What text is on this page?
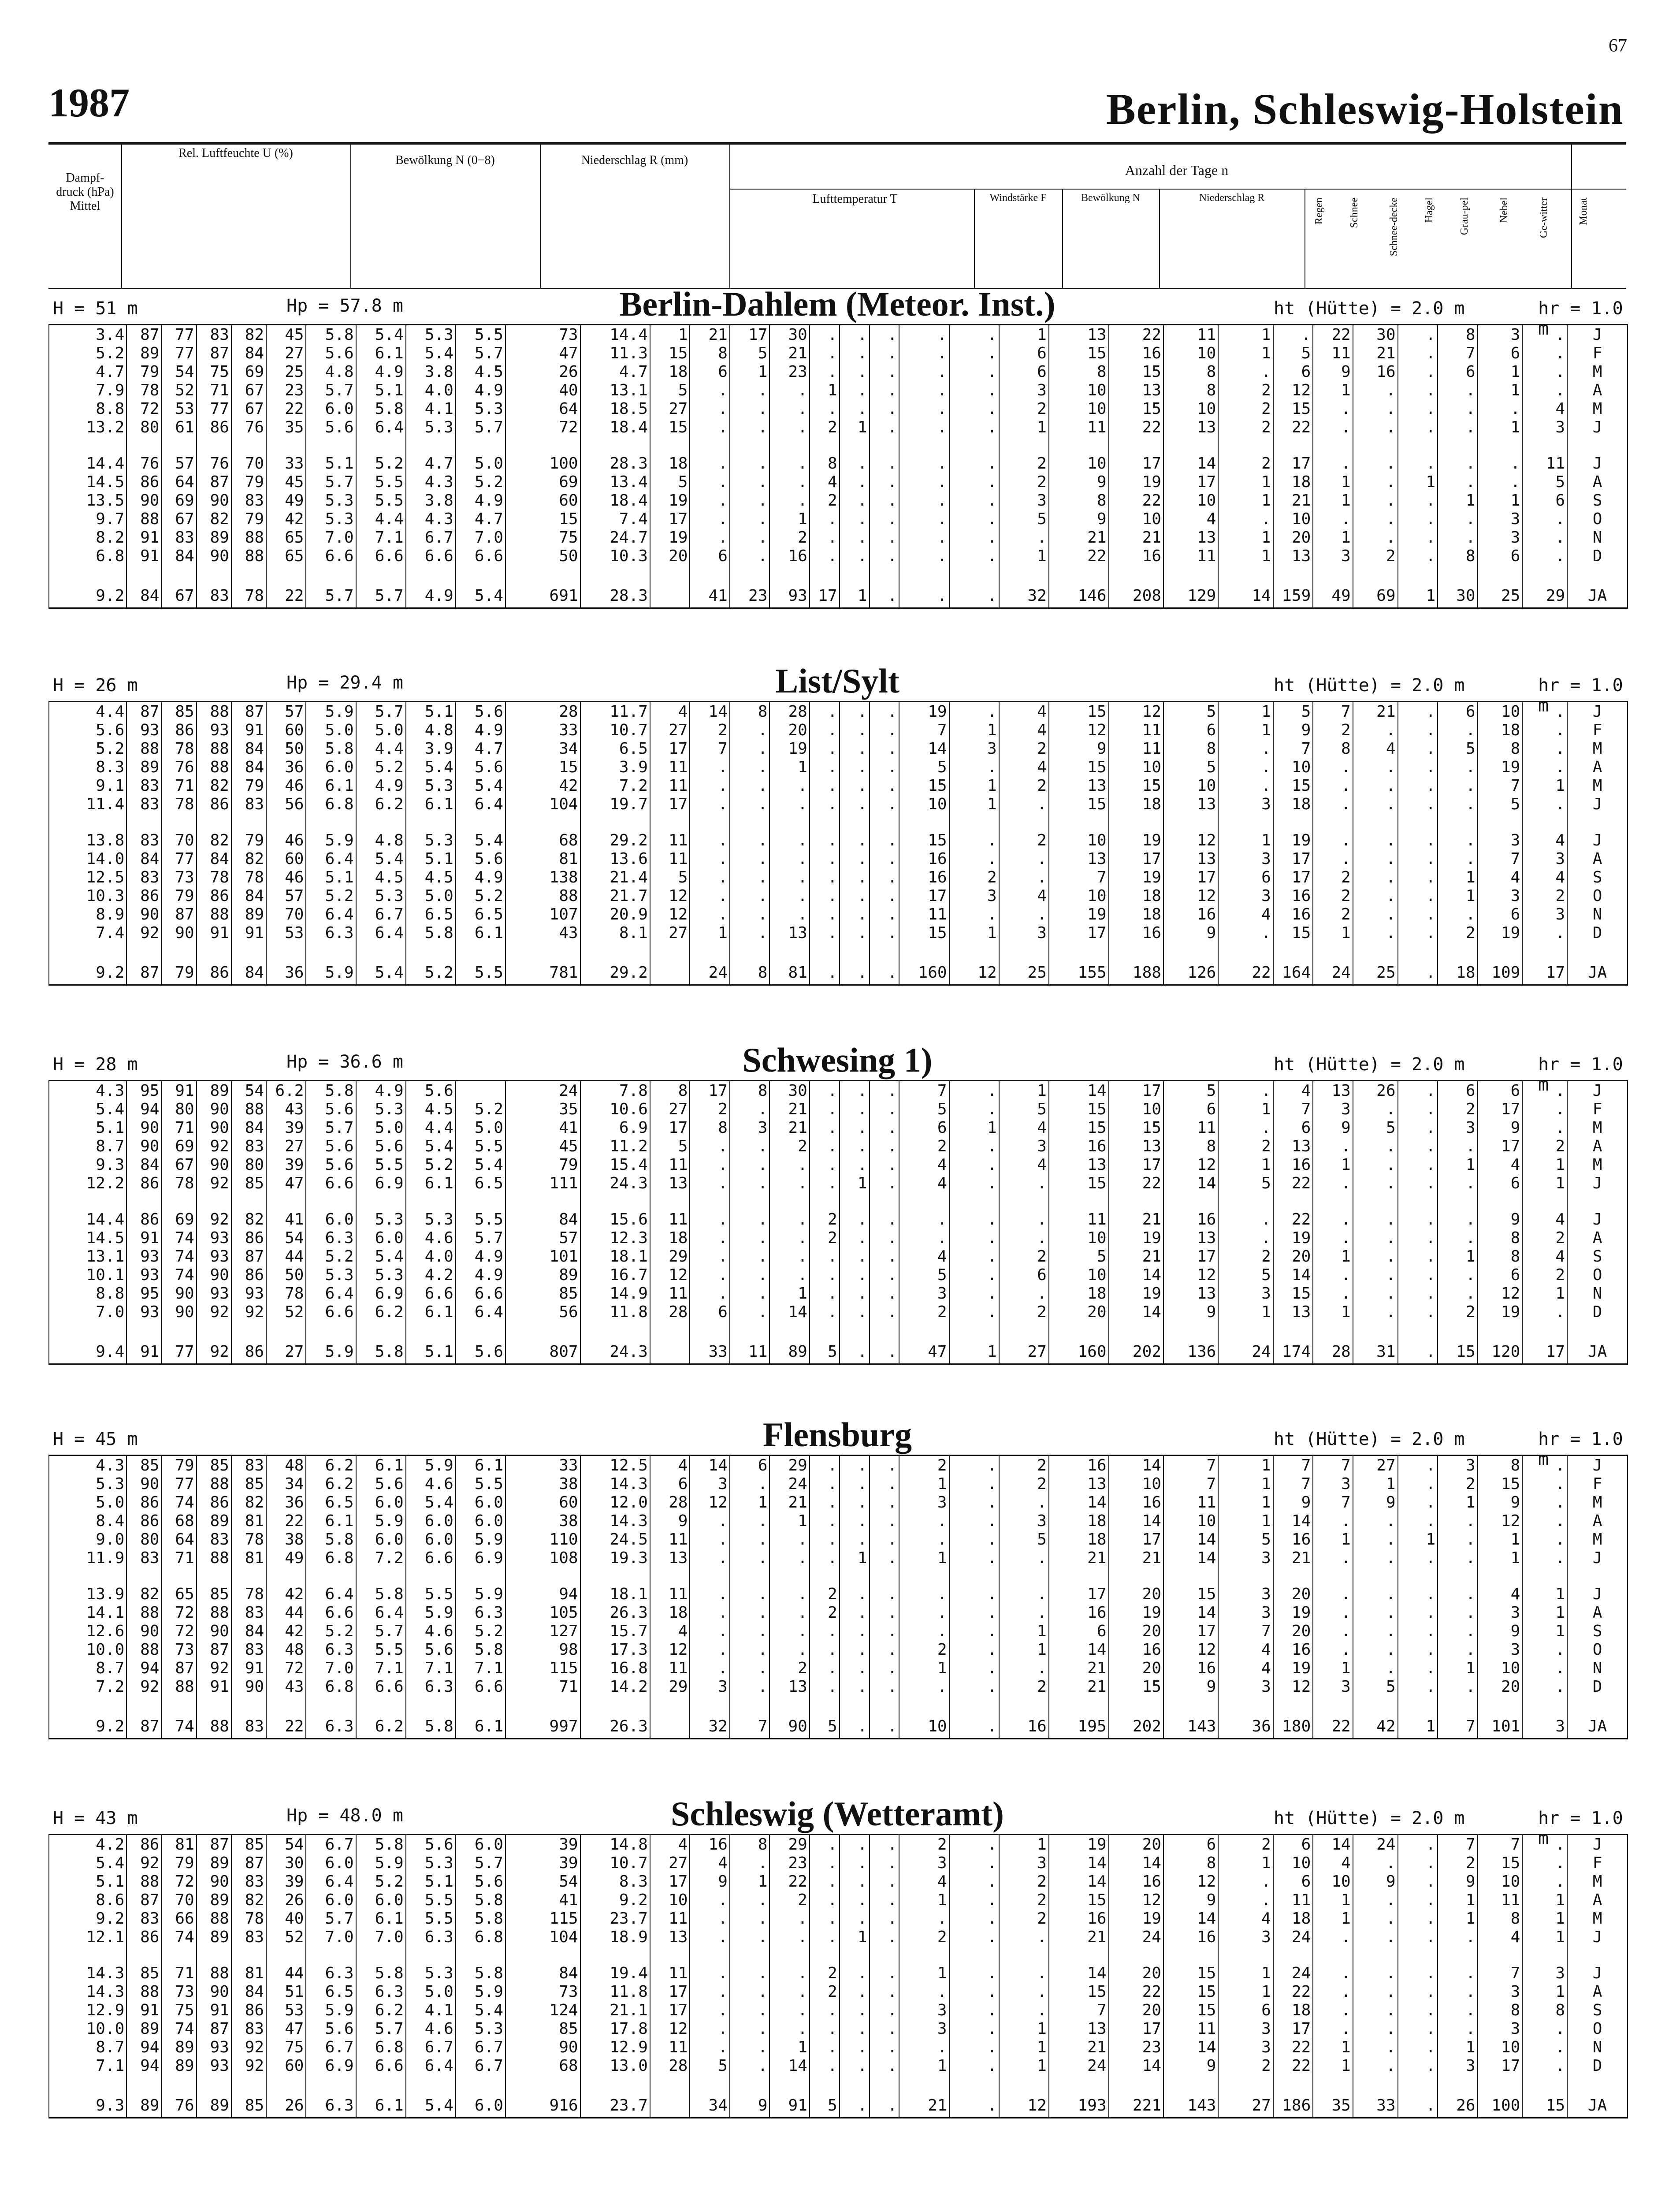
67
1987	Berlin, Schleswig-Holstein
Dampf-druck (hPa) Mittel
Rel. Luftfeuchte U (%)
Bewölkung N (0−8)	Niederschlag R (mm)
Anzahl der Tage n
Lufttemperatur T	Windstärke F	Bewölkung N	Niederschlag R	Regen Schnee	Schnee-decke Hagel Grau-pel	Nebel	Ge-witter	Monat
H = 51 m	Hp = 57.8 m	Berlin-Dahlem (Meteor. Inst.)	ht (Hütte) = 2.0 m	hr = 1.0 m
3.4	87	77	83	82	45	5.8	5.4	5.3	5.5	73	14.4	1	21	17	30	.	.	.	.	.	1	13	22	11	1	.	22	30	.	8	3	.	J
5.2	89	77	87	84	27	5.6	6.1	5.4	5.7	47	11.3	15	8	5	21	.	.	.	.	.	6	15	16	10	1	5	11	21	.	7	6	.	F
4.7	79	54	75	69	25	4.8	4.9	3.8	4.5	26	4.7	18	6	1	23	.	.	.	.	.	6	8	15	8	.	6	9	16	.	6	1	.	M
7.9	78	52	71	67	23	5.7	5.1	4.0	4.9	40	13.1	5	.	.	.	1	.	.	.	.	3	10	13	8	2	12	1	.	.	.	1	.	A
8.8	72	53	77	67	22	6.0	5.8	4.1	5.3	64	18.5	27	.	.	.	.	.	.	.	.	2	10	15	10	2	15	.	.	.	.	.	4	M
13.2	80	61	86	76	35	5.6	6.4	5.3	5.7	72	18.4	15	.	.	.	2	1	.	.	.	1	11	22	13	2	22	.	.	.	.	1	3	J

14.4	76	57	76	70	33	5.1	5.2	4.7	5.0	100	28.3	18	.	.	.	8	.	.	.	.	2	10	17	14	2	17	.	.	.	.	.	11	J
14.5	86	64	87	79	45	5.7	5.5	4.3	5.2	69	13.4	5	.	.	.	4	.	.	.	.	2	9	19	17	1	18	1	.	1	.	.	5	A
13.5	90	69	90	83	49	5.3	5.5	3.8	4.9	60	18.4	19	.	.	.	2	.	.	.	.	3	8	22	10	1	21	1	.	.	1	1	6	S
9.7	88	67	82	79	42	5.3	4.4	4.3	4.7	15	7.4	17	.	.	1	.	.	.	.	.	5	9	10	4	.	10	.	.	.	.	3	.	O
8.2	91	83	89	88	65	7.0	7.1	6.7	7.0	75	24.7	19	.	.	2	.	.	.	.	.	.	21	21	13	1	20	1	.	.	.	3	.	N
6.8	91	84	90	88	65	6.6	6.6	6.6	6.6	50	10.3	20	6	.	16	.	.	.	.	.	1	22	16	11	1	13	3	2	.	8	6	.	D
9.2	84	67	83	78	22	5.7	5.7	4.9	5.4	691	28.3		41	23	93	17	1	.	.	.	32	146	208	129	14	159	49	69	1	30	25	29	JA
H = 26 m	Hp = 29.4 m	List/Sylt	ht (Hütte) = 2.0 m	hr = 1.0 m
4.4	87	85	88	87	57	5.9	5.7	5.1	5.6	28	11.7	4	14	8	28	.	.	.	19	.	4	15	12	5	1	5	7	21	.	6	10	.	J
5.6	93	86	93	91	60	5.0	5.0	4.8	4.9	33	10.7	27	2	.	20	.	.	.	7	1	4	12	11	6	1	9	2	.	.	.	18	.	F
5.2	88	78	88	84	50	5.8	4.4	3.9	4.7	34	6.5	17	7	.	19	.	.	.	14	3	2	9	11	8	.	7	8	4	.	5	8	.	M
8.3	89	76	88	84	36	6.0	5.2	5.4	5.6	15	3.9	11	.	.	1	.	.	.	5	.	4	15	10	5	.	10	.	.	.	.	19	.	A
9.1	83	71	82	79	46	6.1	4.9	5.3	5.4	42	7.2	11	.	.	.	.	.	.	15	1	2	13	15	10	.	15	.	.	.	.	7	1	M
11.4	83	78	86	83	56	6.8	6.2	6.1	6.4	104	19.7	17	.	.	.	.	.	.	10	1	.	15	18	13	3	18	.	.	.	.	5	.	J

13.8	83	70	82	79	46	5.9	4.8	5.3	5.4	68	29.2	11	.	.	.	.	.	.	15	.	2	10	19	12	1	19	.	.	.	.	3	4	J
14.0	84	77	84	82	60	6.4	5.4	5.1	5.6	81	13.6	11	.	.	.	.	.	.	16	.	.	13	17	13	3	17	.	.	.	.	7	3	A
12.5	83	73	78	78	46	5.1	4.5	4.5	4.9	138	21.4	5	.	.	.	.	.	.	16	2	.	7	19	17	6	17	2	.	.	1	4	4	S
10.3	86	79	86	84	57	5.2	5.3	5.0	5.2	88	21.7	12	.	.	.	.	.	.	17	3	4	10	18	12	3	16	2	.	.	1	3	2	O
8.9	90	87	88	89	70	6.4	6.7	6.5	6.5	107	20.9	12	.	.	.	.	.	.	11	.	.	19	18	16	4	16	2	.	.	.	6	3	N
7.4	92	90	91	91	53	6.3	6.4	5.8	6.1	43	8.1	27	1	.	13	.	.	.	15	1	3	17	16	9	.	15	1	.	.	2	19	.	D
9.2	87	79	86	84	36	5.9	5.4	5.2	5.5	781	29.2		24	8	81	.	.	.	160	12	25	155	188	126	22	164	24	25	.	18	109	17	JA
H = 28 m	Hp = 36.6 m	Schwesing 1)	ht (Hütte) = 2.0 m	hr = 1.0 m
4.3	95	91	89	54	6.2	5.8	4.9	5.6		24	7.8	8	17	8	30	.	.	.	7	.	1	14	17	5	.	4	13	26	.	6	6	.	J
5.4	94	80	90	88	43	5.6	5.3	4.5	5.2	35	10.6	27	2	.	21	.	.	.	5	.	5	15	10	6	1	7	3	.	.	2	17	.	F
5.1	90	71	90	84	39	5.7	5.0	4.4	5.0	41	6.9	17	8	3	21	.	.	.	6	1	4	15	15	11	.	6	9	5	.	3	9	.	M
8.7	90	69	92	83	27	5.6	5.6	5.4	5.5	45	11.2	5	.	.	2	.	.	.	2	.	3	16	13	8	2	13	.	.	.	.	17	2	A
9.3	84	67	90	80	39	5.6	5.5	5.2	5.4	79	15.4	11	.	.	.	.	.	.	4	.	4	13	17	12	1	16	1	.	.	1	4	1	M
12.2	86	78	92	85	47	6.6	6.9	6.1	6.5	111	24.3	13	.	.	.	.	1	.	4	.	.	15	22	14	5	22	.	.	.	.	6	1	J

14.4	86	69	92	82	41	6.0	5.3	5.3	5.5	84	15.6	11	.	.	.	2	.	.	.	.	.	11	21	16	.	22	.	.	.	.	9	4	J
14.5	91	74	93	86	54	6.3	6.0	4.6	5.7	57	12.3	18	.	.	.	2	.	.	.	.	.	10	19	13	.	19	.	.	.	.	8	2	A
13.1	93	74	93	87	44	5.2	5.4	4.0	4.9	101	18.1	29	.	.	.	.	.	.	4	.	2	5	21	17	2	20	1	.	.	1	8	4	S
10.1	93	74	90	86	50	5.3	5.3	4.2	4.9	89	16.7	12	.	.	.	.	.	.	5	.	6	10	14	12	5	14	.	.	.	.	6	2	O
8.8	95	90	93	93	78	6.4	6.9	6.6	6.6	85	14.9	11	.	.	1	.	.	.	3	.	.	18	19	13	3	15	.	.	.	.	12	1	N
7.0	93	90	92	92	52	6.6	6.2	6.1	6.4	56	11.8	28	6	.	14	.	.	.	2	.	2	20	14	9	1	13	1	.	.	2	19	.	D
9.4	91	77	92	86	27	5.9	5.8	5.1	5.6	807	24.3		33	11	89	5	.	.	47	1	27	160	202	136	24	174	28	31	.	15	120	17	JA
H = 45 m	Flensburg	ht (Hütte) = 2.0 m	hr = 1.0 m
4.3	85	79	85	83	48	6.2	6.1	5.9	6.1	33	12.5	4	14	6	29	.	.	.	2	.	2	16	14	7	1	7	7	27	.	3	8	.	J
5.3	90	77	88	85	34	6.2	5.6	4.6	5.5	38	14.3	6	3	.	24	.	.	.	1	.	2	13	10	7	1	7	3	1	.	2	15	.	F
5.0	86	74	86	82	36	6.5	6.0	5.4	6.0	60	12.0	28	12	1	21	.	.	.	3	.	.	14	16	11	1	9	7	9	.	1	9	.	M
8.4	86	68	89	81	22	6.1	5.9	6.0	6.0	38	14.3	9	.	.	1	.	.	.	.	.	3	18	14	10	1	14	.	.	.	.	12	.	A
9.0	80	64	83	78	38	5.8	6.0	6.0	5.9	110	24.5	11	.	.	.	.	.	.	.	.	5	18	17	14	5	16	1	.	1	.	1	.	M
11.9	83	71	88	81	49	6.8	7.2	6.6	6.9	108	19.3	13	.	.	.	.	1	.	1	.	.	21	21	14	3	21	.	.	.	.	1	.	J

13.9	82	65	85	78	42	6.4	5.8	5.5	5.9	94	18.1	11	.	.	.	2	.	.	.	.	.	17	20	15	3	20	.	.	.	.	4	1	J
14.1	88	72	88	83	44	6.6	6.4	5.9	6.3	105	26.3	18	.	.	.	2	.	.	.	.	.	16	19	14	3	19	.	.	.	.	3	1	A
12.6	90	72	90	84	42	5.2	5.7	4.6	5.2	127	15.7	4	.	.	.	.	.	.	.	.	1	6	20	17	7	20	.	.	.	.	9	1	S
10.0	88	73	87	83	48	6.3	5.5	5.6	5.8	98	17.3	12	.	.	.	.	.	.	2	.	1	14	16	12	4	16	.	.	.	.	3	.	O
8.7	94	87	92	91	72	7.0	7.1	7.1	7.1	115	16.8	11	.	.	2	.	.	.	1	.	.	21	20	16	4	19	1	.	.	1	10	.	N
7.2	92	88	91	90	43	6.8	6.6	6.3	6.6	71	14.2	29	3	.	13	.	.	.	.	.	2	21	15	9	3	12	3	5	.	.	20	.	D
9.2	87	74	88	83	22	6.3	6.2	5.8	6.1	997	26.3		32	7	90	5	.	.	10	.	16	195	202	143	36	180	22	42	1	7	101	3	JA
H = 43 m	Hp = 48.0 m	Schleswig (Wetteramt)	ht (Hütte) = 2.0 m	hr = 1.0 m
4.2	86	81	87	85	54	6.7	5.8	5.6	6.0	39	14.8	4	16	8	29	.	.	.	2	.	1	19	20	6	2	6	14	24	.	7	7	.	J
5.4	92	79	89	87	30	6.0	5.9	5.3	5.7	39	10.7	27	4	.	23	.	.	.	3	.	3	14	14	8	1	10	4	.	.	2	15	.	F
5.1	88	72	90	83	39	6.4	5.2	5.1	5.6	54	8.3	17	9	1	22	.	.	.	4	.	2	14	16	12	.	6	10	9	.	9	10	.	M
8.6	87	70	89	82	26	6.0	6.0	5.5	5.8	41	9.2	10	.	.	2	.	.	.	1	.	2	15	12	9	.	11	1	.	.	1	11	1	A
9.2	83	66	88	78	40	5.7	6.1	5.5	5.8	115	23.7	11	.	.	.	.	.	.	.	.	2	16	19	14	4	18	1	.	.	1	8	1	M
12.1	86	74	89	83	52	7.0	7.0	6.3	6.8	104	18.9	13	.	.	.	.	1	.	2	.	.	21	24	16	3	24	.	.	.	.	4	1	J

14.3	85	71	88	81	44	6.3	5.8	5.3	5.8	84	19.4	11	.	.	.	2	.	.	1	.	.	14	20	15	1	24	.	.	.	.	7	3	J
14.3	88	73	90	84	51	6.5	6.3	5.0	5.9	73	11.8	17	.	.	.	2	.	.	.	.	.	15	22	15	1	22	.	.	.	.	3	1	A
12.9	91	75	91	86	53	5.9	6.2	4.1	5.4	124	21.1	17	.	.	.	.	.	.	3	.	.	7	20	15	6	18	.	.	.	.	8	8	S
10.0	89	74	87	83	47	5.6	5.7	4.6	5.3	85	17.8	12	.	.	.	.	.	.	3	.	1	13	17	11	3	17	.	.	.	.	3	.	O
8.7	94	89	93	92	75	6.7	6.8	6.7	6.7	90	12.9	11	.	.	1	.	.	.	.	.	1	21	23	14	3	22	1	.	.	1	10	.	N
7.1	94	89	93	92	60	6.9	6.6	6.4	6.7	68	13.0	28	5	.	14	.	.	.	1	.	1	24	14	9	2	22	1	.	.	3	17	.	D
9.3	89	76	89	85	26	6.3	6.1	5.4	6.0	916	23.7		34	9	91	5	.	.	21	.	12	193	221	143	27	186	35	33	.	26	100	15	JA
